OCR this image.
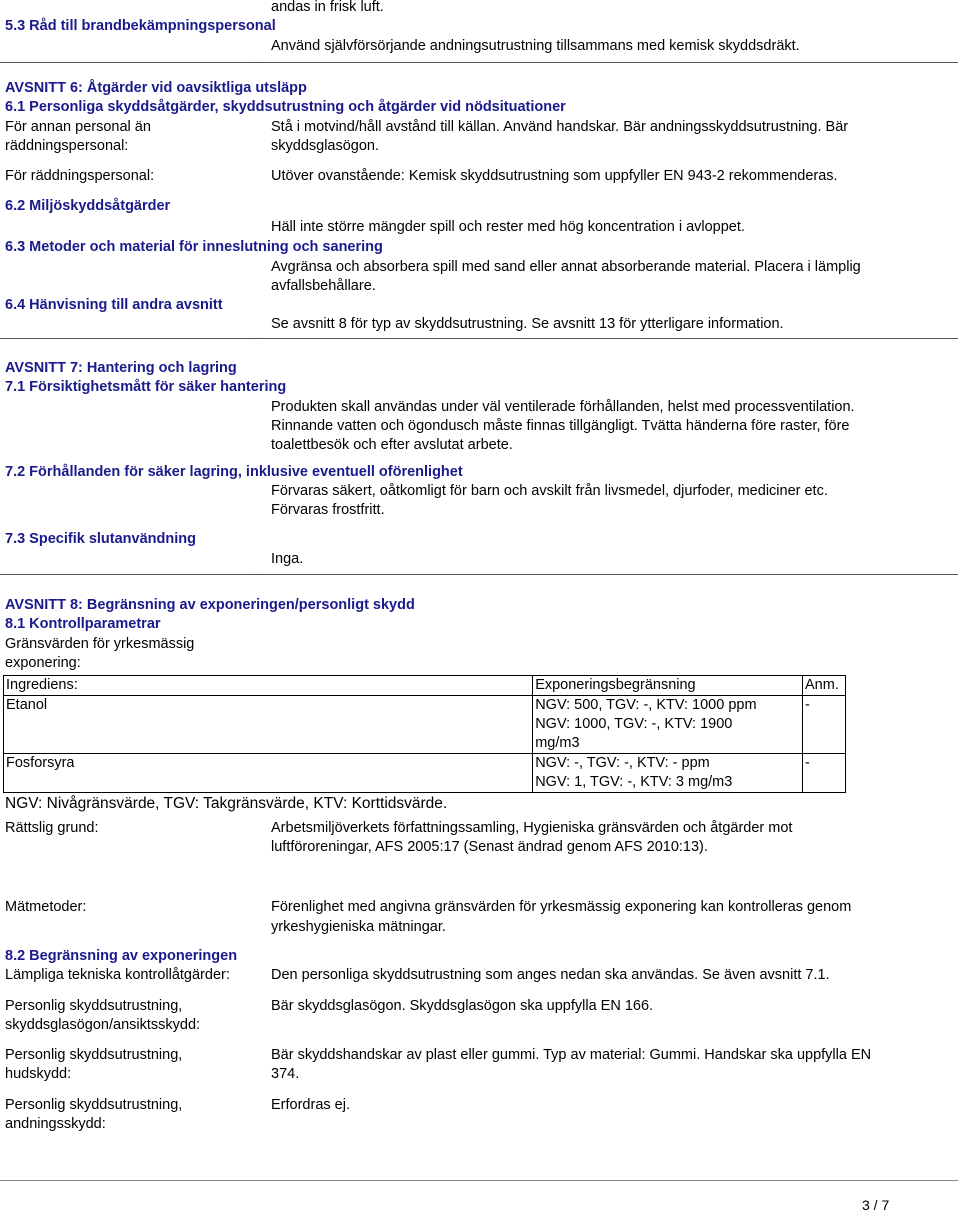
andas in frisk luft.
5.3 Råd till brandbekämpningspersonal
Använd självförsörjande andningsutrustning tillsammans med kemisk skyddsdräkt.
- -
AVSNITT 6: Åtgärder vid oavsiktliga utsläpp
6.1 Personliga skyddsåtgärder, skyddsutrustning och åtgärder vid nödsituationer
För annan personal än
räddningspersonal:
Stå i motvind/håll avstånd till källan. Använd handskar. Bär andningsskyddsutrustning. Bär
skyddsglasögon.
För räddningspersonal:	Utöver ovanstående: Kemisk skyddsutrustning som uppfyller EN 943-2 rekommenderas.
6.2 Miljöskyddsåtgärder
Häll inte större mängder spill och rester med hög koncentration i avloppet.
6.3 Metoder och material för inneslutning och sanering
Avgränsa och absorbera spill med sand eller annat absorberande material. Placera i lämplig
avfallsbehållare.
6.4 Hänvisning till andra avsnitt
Se avsnitt 8 för typ av skyddsutrustning. Se avsnitt 13 för ytterligare information.
- -
AVSNITT 7: Hantering och lagring
7.1 Försiktighetsmått för säker hantering
Produkten skall användas under väl ventilerade förhållanden, helst med processventilation.
Rinnande vatten och ögondusch måste finnas tillgängligt. Tvätta händerna före raster, före
toalettbesök och efter avslutat arbete.
7.2 Förhållanden för säker lagring, inklusive eventuell oförenlighet
Förvaras säkert, oåtkomligt för barn och avskilt från livsmedel, djurfoder, mediciner etc.
Förvaras frostfritt.
7.3 Specifik slutanvändning
Inga.
- -
AVSNITT 8: Begränsning av exponeringen/personligt skydd
8.1 Kontrollparametrar
Gränsvärden för yrkesmässig
exponering:
Ingrediens:	Exponeringsbegränsning	Anm.
Etanol	NGV: 500, TGV: -, KTV: 1000 ppm
NGV: 1000, TGV: -, KTV: 1900
mg/m3	-
Fosforsyra	NGV: -, TGV: -, KTV: - ppm
NGV: 1, TGV: -, KTV: 3 mg/m3	-
NGV: Nivågränsvärde, TGV: Takgränsvärde, KTV: Korttidsvärde.
Rättslig grund:	Arbetsmiljöverkets författningssamling, Hygieniska gränsvärden och åtgärder mot
luftföroreningar, AFS 2005:17 (Senast ändrad genom AFS 2010:13).
Mätmetoder:	Förenlighet med angivna gränsvärden för yrkesmässig exponering kan kontrolleras genom
yrkeshygieniska mätningar.
8.2 Begränsning av exponeringen
Lämpliga tekniska kontrollåtgärder:	Den personliga skyddsutrustning som anges nedan ska användas. Se även avsnitt 7.1.
Personlig skyddsutrustning,
skyddsglasögon/ansiktsskydd:
Bär skyddsglasögon. Skyddsglasögon ska uppfylla EN 166.
Personlig skyddsutrustning,
hudskydd:
Bär skyddshandskar av plast eller gummi. Typ av material: Gummi. Handskar ska uppfylla EN
374.
Personlig skyddsutrustning,
andningsskydd:
Erfordras ej.
3 / 7
